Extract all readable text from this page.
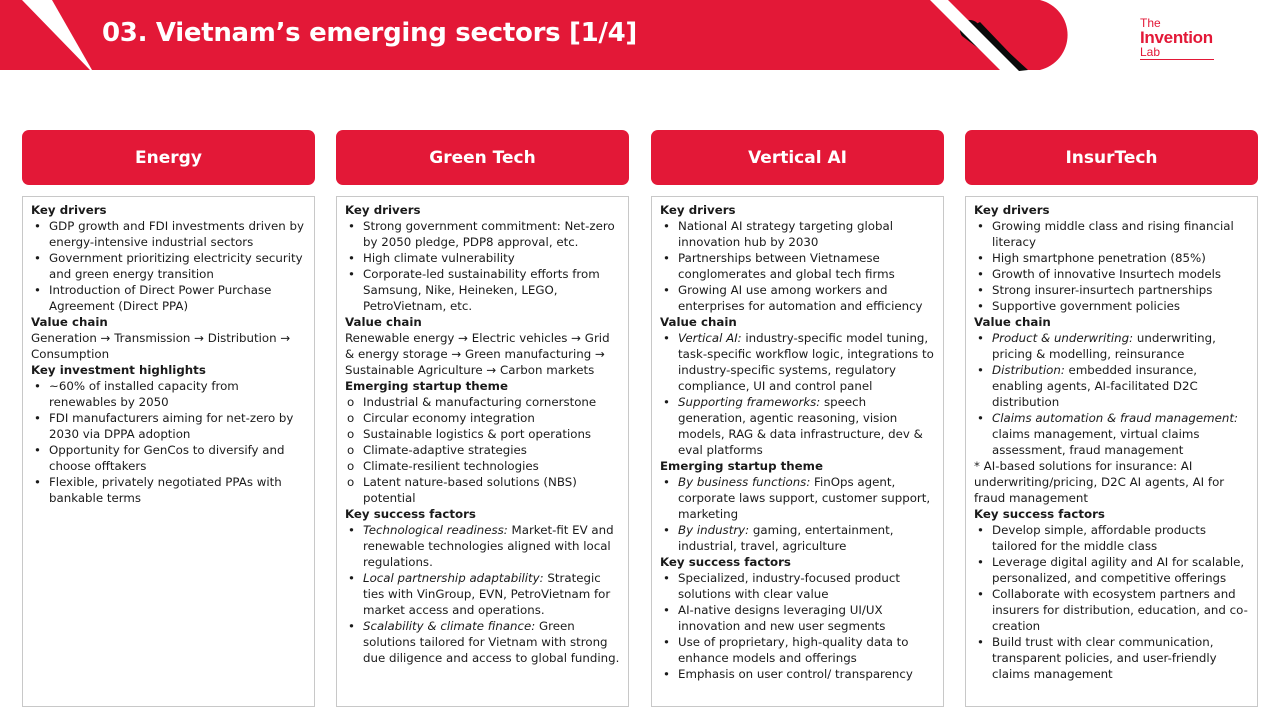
03. Vietnam’s emerging sectors [1/4]	The
Invention
Lab
Energy	Green Tech	Vertical AI	InsurTech
Key drivers
• GDP growth and FDI investments driven by energy-intensive industrial sectors
• Government prioritizing electricity security and green energy transition
• Introduction of Direct Power Purchase Agreement (Direct PPA)
Value chain
Generation → Transmission → Distribution → Consumption
Key investment highlights
• ~60% of installed capacity from renewables by 2050
• FDI manufacturers aiming for net-zero by 2030 via DPPA adoption
• Opportunity for GenCos to diversify and choose offtakers
• Flexible, privately negotiated PPAs with bankable terms
Key drivers
• Strong government commitment: Net-zero by 2050 pledge, PDP8 approval, etc.
• High climate vulnerability
• Corporate-led sustainability efforts from Samsung, Nike, Heineken, LEGO, PetroVietnam, etc.
Value chain
Renewable energy → Electric vehicles → Grid & energy storage → Green manufacturing → Sustainable Agriculture → Carbon markets
Emerging startup theme
o Industrial & manufacturing cornerstone
o Circular economy integration
o Sustainable logistics & port operations
o Climate-adaptive strategies
o Climate-resilient technologies
o Latent nature-based solutions (NBS) potential
Key success factors
• Technological readiness: Market-fit EV and renewable technologies aligned with local regulations.
• Local partnership adaptability: Strategic ties with VinGroup, EVN, PetroVietnam for market access and operations.
• Scalability & climate finance: Green solutions tailored for Vietnam with strong due diligence and access to global funding.
Key drivers
• National AI strategy targeting global innovation hub by 2030
• Partnerships between Vietnamese conglomerates and global tech firms
• Growing AI use among workers and enterprises for automation and efficiency
Value chain
• Vertical AI: industry-specific model tuning, task-specific workflow logic, integrations to industry-specific systems, regulatory compliance, UI and control panel
• Supporting frameworks: speech generation, agentic reasoning, vision models, RAG & data infrastructure, dev & eval platforms
Emerging startup theme
• By business functions: FinOps agent, corporate laws support, customer support, marketing
• By industry: gaming, entertainment, industrial, travel, agriculture
Key success factors
• Specialized, industry-focused product solutions with clear value
• AI-native designs leveraging UI/UX innovation and new user segments
• Use of proprietary, high-quality data to enhance models and offerings
• Emphasis on user control/ transparency
Key drivers
• Growing middle class and rising financial literacy
• High smartphone penetration (85%)
• Growth of innovative Insurtech models
• Strong insurer-insurtech partnerships
• Supportive government policies
Value chain
• Product & underwriting: underwriting, pricing & modelling, reinsurance
• Distribution: embedded insurance, enabling agents, AI-facilitated D2C distribution
• Claims automation & fraud management: claims management, virtual claims assessment, fraud management
* AI-based solutions for insurance: AI underwriting/pricing, D2C AI agents, AI for fraud management
Key success factors
• Develop simple, affordable products tailored for the middle class
• Leverage digital agility and AI for scalable, personalized, and competitive offerings
• Collaborate with ecosystem partners and insurers for distribution, education, and co-creation
• Build trust with clear communication, transparent policies, and user-friendly claims management
